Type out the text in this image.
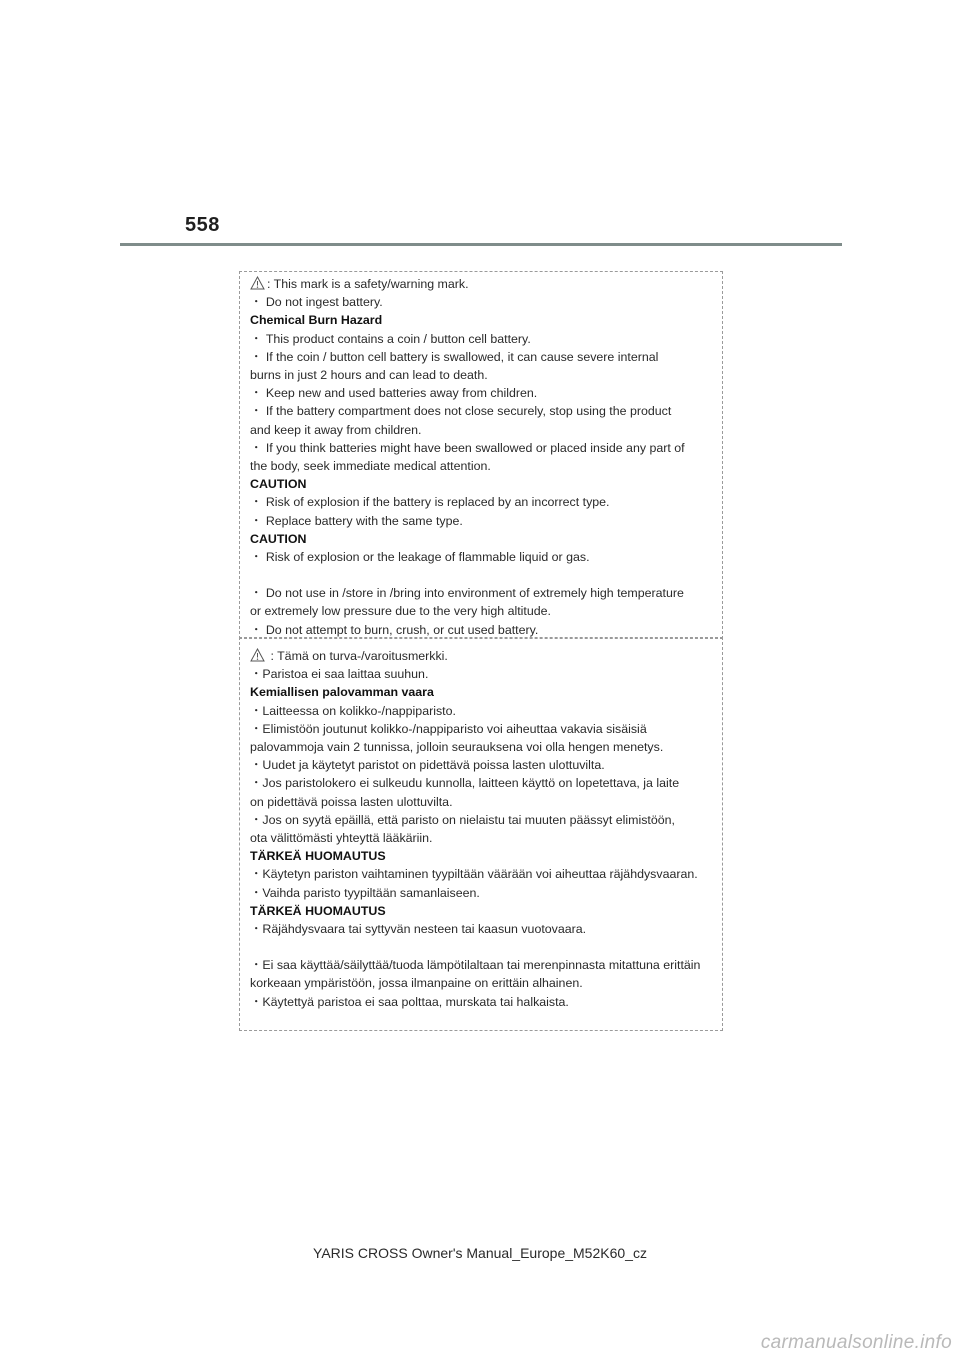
558
: This mark is a safety/warning mark.
・ Do not ingest battery.
Chemical Burn Hazard
・ This product contains a coin / button cell battery.
・ If the coin / button cell battery is swallowed, it can cause severe internal
burns in just 2 hours and can lead to death.
・ Keep new and used batteries away from children.
・ If the battery compartment does not close securely, stop using the product
and keep it away from children.
・ If you think batteries might have been swallowed or placed inside any part of
the body, seek immediate medical attention.
CAUTION
・ Risk of explosion if the battery is replaced by an incorrect type.
・ Replace battery with the same type.
CAUTION
・ Risk of explosion or the leakage of flammable liquid or gas.
・ Do not use in /store in /bring into environment of extremely high temperature
or extremely low pressure due to the very high altitude.
・ Do not attempt to burn, crush, or cut used battery.
: Tämä on turva-/varoitusmerkki.
・Paristoa ei saa laittaa suuhun.
Kemiallisen palovamman vaara
・Laitteessa on kolikko-/nappiparisto.
・Elimistöön joutunut kolikko-/nappiparisto voi aiheuttaa vakavia sisäisiä
palovammoja vain 2 tunnissa, jolloin seurauksena voi olla hengen menetys.
・Uudet ja käytetyt paristot on pidettävä poissa lasten ulottuvilta.
・Jos paristolokero ei sulkeudu kunnolla, laitteen käyttö on lopetettava, ja laite
on pidettävä poissa lasten ulottuvilta.
・Jos on syytä epäillä, että paristo on nielaistu tai muuten päässyt elimistöön,
ota välittömästi yhteyttä lääkäriin.
TÄRKEÄ HUOMAUTUS
・Käytetyn pariston vaihtaminen tyypiltään väärään voi aiheuttaa räjähdysvaaran.
・Vaihda paristo tyypiltään samanlaiseen.
TÄRKEÄ HUOMAUTUS
・Räjähdysvaara tai syttyvän nesteen tai kaasun vuotovaara.
・Ei saa käyttää/säilyttää/tuoda lämpötilaltaan tai merenpinnasta mitattuna erittäin
korkeaan ympäristöön, jossa ilmanpaine on erittäin alhainen.
・Käytettyä paristoa ei saa polttaa, murskata tai halkaista.
YARIS CROSS Owner's Manual_Europe_M52K60_cz
carmanualsonline.info
